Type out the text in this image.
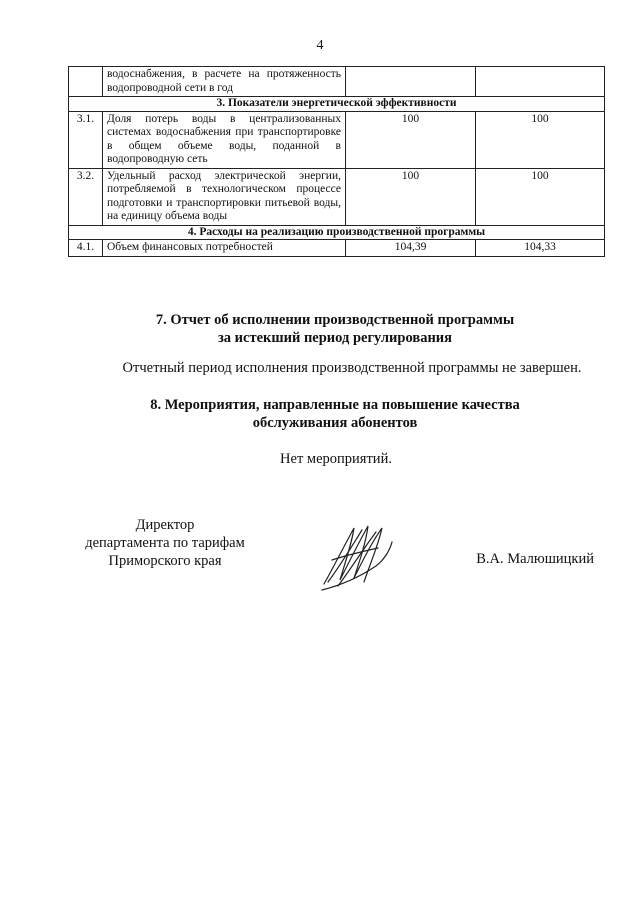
4
	водоснабжения, в расчете на протяженность водопроводной сети в год		
3. Показатели энергетической эффективности			
3.1.	Доля потерь воды в централизованных системах водоснабжения при транспортировке в общем объеме воды, поданной в водопроводную сеть	100	100
3.2.	Удельный расход электрической энергии, потребляемой в технологическом процессе подготовки и транспортировки питьевой воды, на единицу объема воды	100	100
4. Расходы на реализацию производственной программы			
4.1.	Объем финансовых потребностей	104,39	104,33
7. Отчет об исполнении производственной программы
за истекший период регулирования
Отчетный период исполнения производственной программы не завершен.
8. Мероприятия, направленные на повышение качества
обслуживания абонентов
Нет мероприятий.
Директор
департамента по тарифам
Приморского края	В.А. Малюшицкий
